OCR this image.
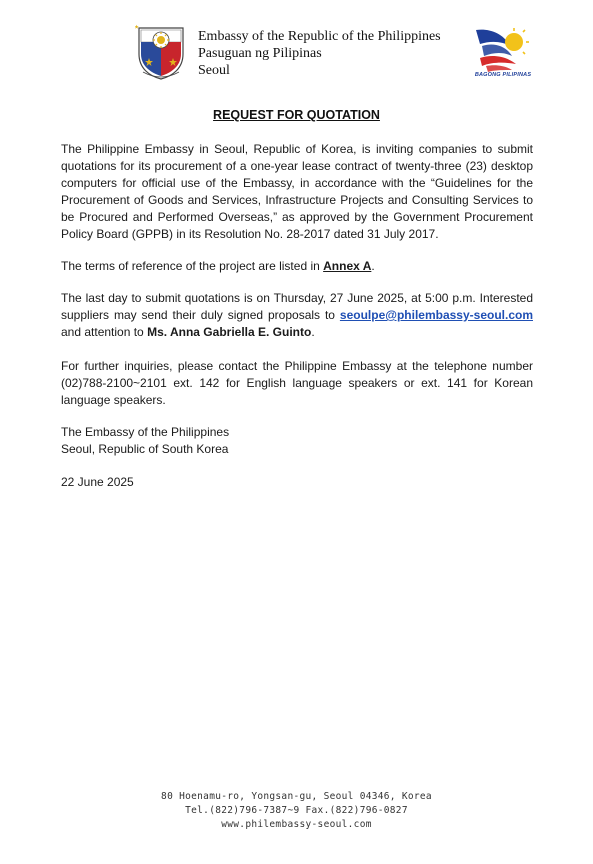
Embassy of the Republic of the Philippines
Pasuguan ng Pilipinas
Seoul	BAGONG PILIPINAS
REQUEST FOR QUOTATION
The Philippine Embassy in Seoul, Republic of Korea, is inviting companies to submit quotations for its procurement of a one-year lease contract of twenty-three (23) desktop computers for official use of the Embassy, in accordance with the “Guidelines for the Procurement of Goods and Services, Infrastructure Projects and Consulting Services to be Procured and Performed Overseas,” as approved by the Government Procurement Policy Board (GPPB) in its Resolution No. 28-2017 dated 31 July 2017.
The terms of reference of the project are listed in Annex A.
The last day to submit quotations is on Thursday, 27 June 2025, at 5:00 p.m. Interested suppliers may send their duly signed proposals to seoulpe@philembassy-seoul.com and attention to Ms. Anna Gabriella E. Guinto.
For further inquiries, please contact the Philippine Embassy at the telephone number (02)788-2100~2101 ext. 142 for English language speakers or ext. 141 for Korean language speakers.
The Embassy of the Philippines
Seoul, Republic of South Korea
22 June 2025
80 Hoenamu-ro, Yongsan-gu, Seoul 04346, Korea
Tel.(822)796-7387~9 Fax.(822)796-0827
www.philembassy-seoul.com
